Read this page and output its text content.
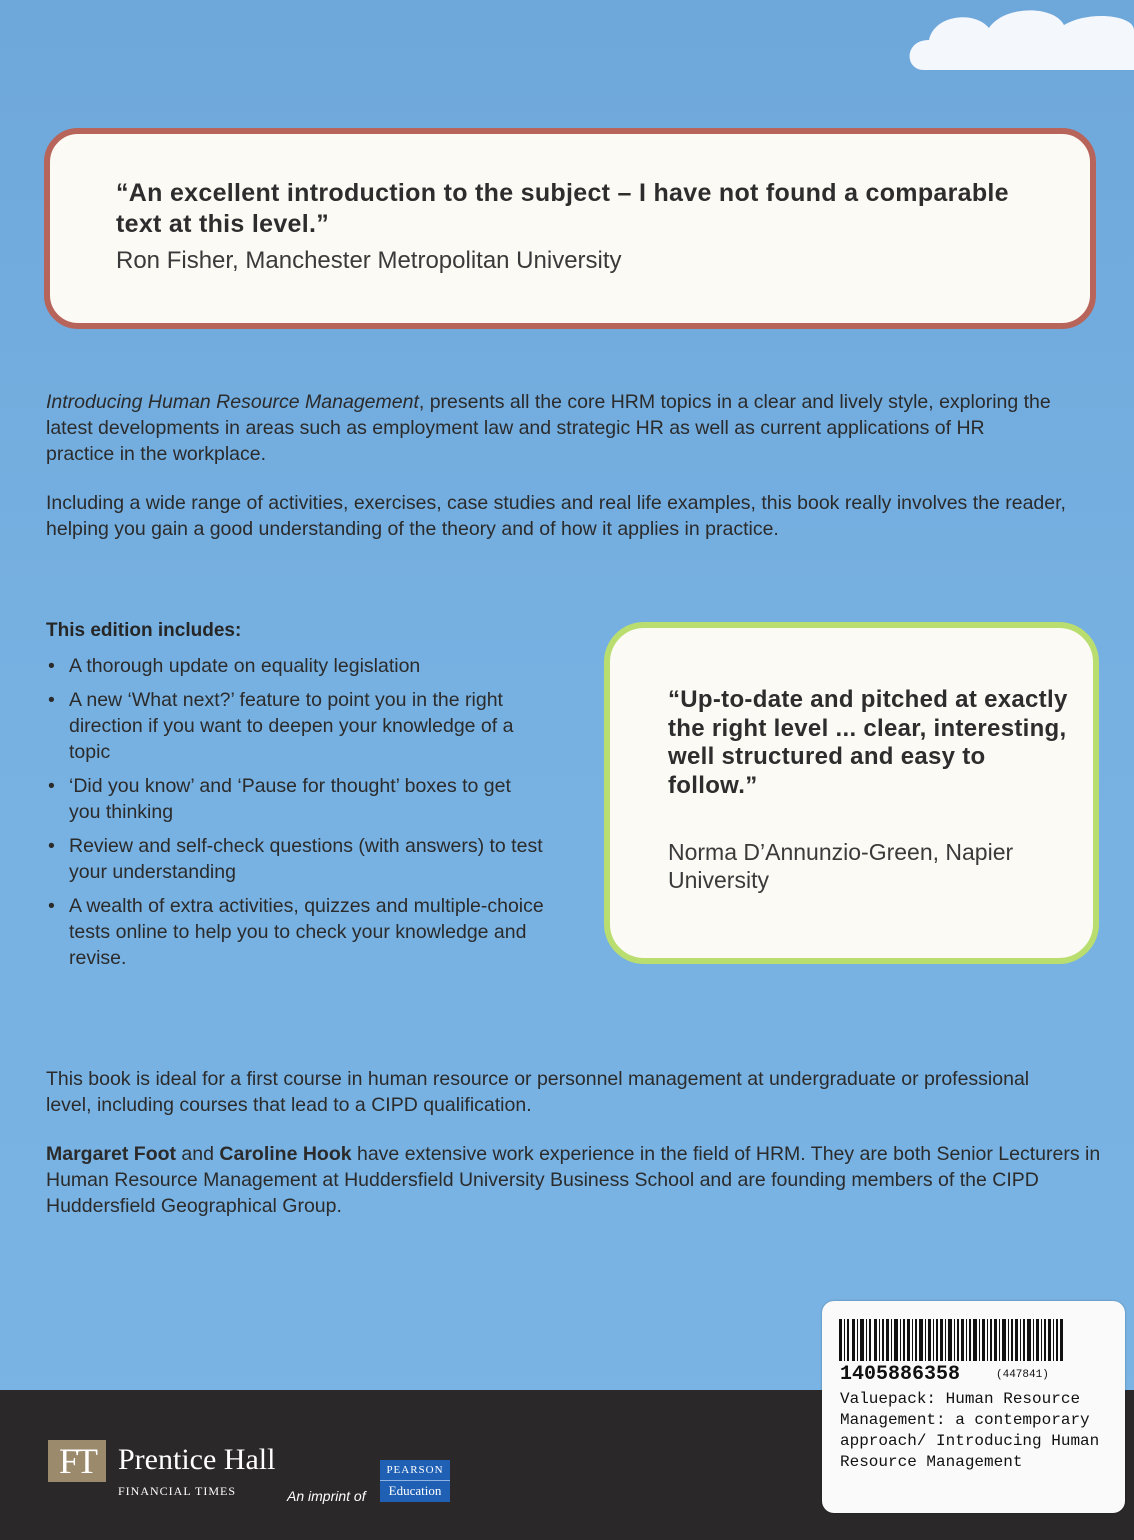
“An excellent introduction to the subject – I have not found a comparable text at this level.”
Ron Fisher, Manchester Metropolitan University
Introducing Human Resource Management, presents all the core HRM topics in a clear and lively style, exploring the latest developments in areas such as employment law and strategic HR as well as current applications of HR practice in the workplace.
Including a wide range of activities, exercises, case studies and real life examples, this book really involves the reader, helping you gain a good understanding of the theory and of how it applies in practice.
This edition includes:
• A thorough update on equality legislation
• A new ‘What next?’ feature to point you in the right direction if you want to deepen your knowledge of a topic
• ‘Did you know’ and ‘Pause for thought’ boxes to get you thinking
• Review and self-check questions (with answers) to test your understanding
• A wealth of extra activities, quizzes and multiple-choice tests online to help you to check your knowledge and revise.
“Up-to-date and pitched at exactly the right level ... clear, interesting, well structured and easy to follow.”
Norma D’Annunzio-Green, Napier University
This book is ideal for a first course in human resource or personnel management at undergraduate or professional level, including courses that lead to a CIPD qualification.
Margaret Foot and Caroline Hook have extensive work experience in the field of HRM. They are both Senior Lecturers in Human Resource Management at Huddersfield University Business School and are founding members of the CIPD Huddersfield Geographical Group.
FT Prentice Hall
FINANCIAL TIMES	An imprint of
PEARSON
Education
1405886358	(447841)
Valuepack: Human Resource Management: a contemporary approach/ Introducing Human Resource Management
